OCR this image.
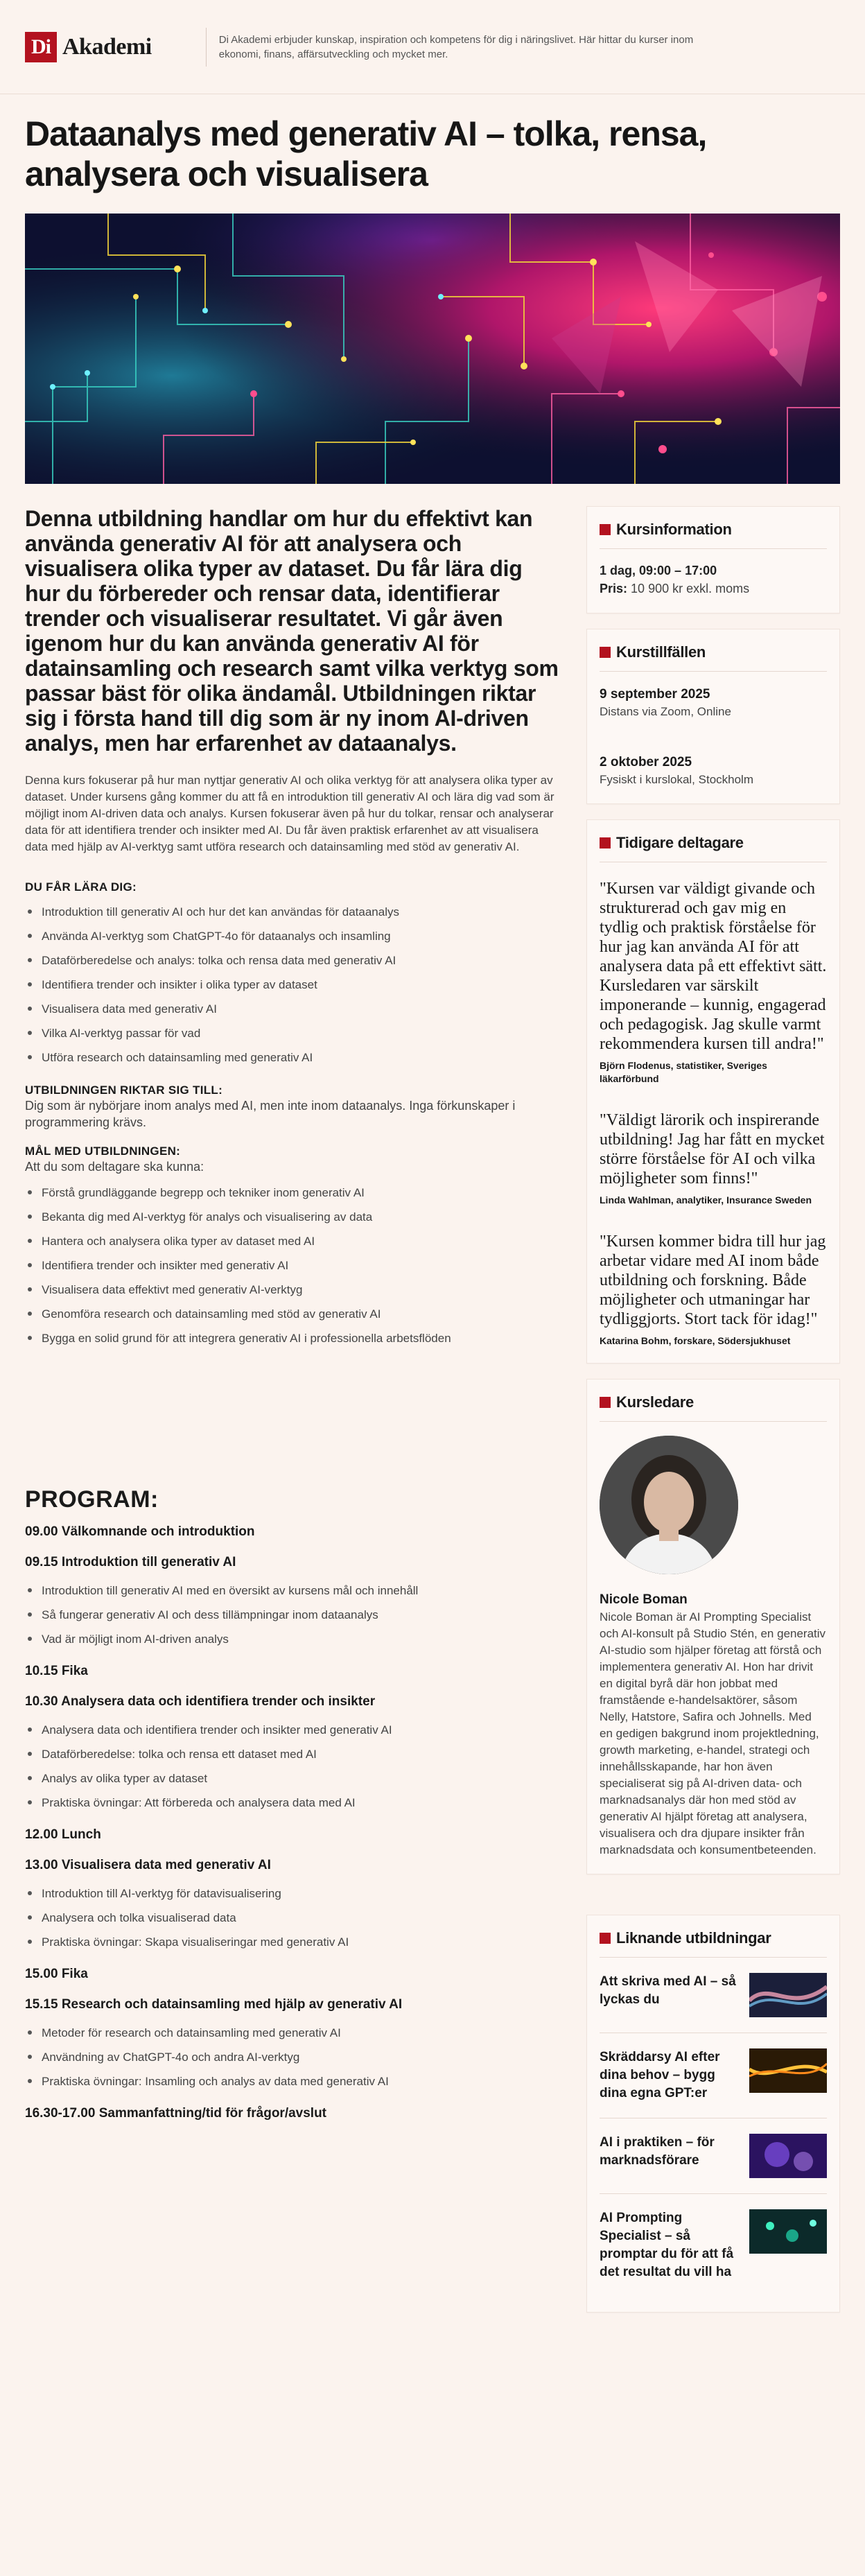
Di Akademi	Di Akademi erbjuder kunskap, inspiration och kompetens för dig i näringslivet. Här hittar du kurser inom ekonomi, finans, affärsutveckling och mycket mer.

Dataanalys med generativ AI – tolka, rensa, analysera och visualisera

Denna utbildning handlar om hur du effektivt kan använda generativ AI för att analysera och visualisera olika typer av dataset. Du får lära dig hur du förbereder och rensar data, identifierar trender och visualiserar resultatet. Vi går även igenom hur du kan använda generativ AI för datainsamling och research samt vilka verktyg som passar bäst för olika ändamål. Utbildningen riktar sig i första hand till dig som är ny inom AI-driven analys, men har erfarenhet av dataanalys.

Denna kurs fokuserar på hur man nyttjar generativ AI och olika verktyg för att analysera olika typer av dataset. Under kursens gång kommer du att få en introduktion till generativ AI och lära dig vad som är möjligt inom AI-driven data och analys. Kursen fokuserar även på hur du tolkar, rensar och analyserar data för att identifiera trender och insikter med AI. Du får även praktisk erfarenhet av att visualisera data med hjälp av AI-verktyg samt utföra research och datainsamling med stöd av generativ AI.

DU FÅR LÄRA DIG:
Introduktion till generativ AI och hur det kan användas för dataanalys
Använda AI-verktyg som ChatGPT-4o för dataanalys och insamling
Dataförberedelse och analys: tolka och rensa data med generativ AI
Identifiera trender och insikter i olika typer av dataset
Visualisera data med generativ AI
Vilka AI-verktyg passar för vad
Utföra research och datainsamling med generativ AI
UTBILDNINGEN RIKTAR SIG TILL:

Dig som är nybörjare inom analys med AI, men inte inom dataanalys. Inga förkunskaper i programmering krävs.

MÅL MED UTBILDNINGEN:

Att du som deltagare ska kunna:

Förstå grundläggande begrepp och tekniker inom generativ AI
Bekanta dig med AI-verktyg för analys och visualisering av data
Hantera och analysera olika typer av dataset med AI
Identifiera trender och insikter med generativ AI
Visualisera data effektivt med generativ AI-verktyg
Genomföra research och datainsamling med stöd av generativ AI
Bygga en solid grund för att integrera generativ AI i professionella arbetsflöden
PROGRAM:
09.00 Välkomnande och introduktion
09.15 Introduktion till generativ AI
Introduktion till generativ AI med en översikt av kursens mål och innehåll
Så fungerar generativ AI och dess tillämpningar inom dataanalys
Vad är möjligt inom AI-driven analys
10.15 Fika
10.30 Analysera data och identifiera trender och insikter
Analysera data och identifiera trender och insikter med generativ AI
Dataförberedelse: tolka och rensa ett dataset med AI
Analys av olika typer av dataset
Praktiska övningar: Att förbereda och analysera data med AI
12.00 Lunch
13.00 Visualisera data med generativ AI
Introduktion till AI-verktyg för datavisualisering
Analysera och tolka visualiserad data
Praktiska övningar: Skapa visualiseringar med generativ AI
15.00 Fika
15.15 Research och datainsamling med hjälp av generativ AI
Metoder för research och datainsamling med generativ AI
Användning av ChatGPT-4o och andra AI-verktyg
Praktiska övningar: Insamling och analys av data med generativ AI
16.30-17.00 Sammanfattning/tid för frågor/avslut
Kursinformation

1 dag, 09:00 – 17:00

Pris: 10 900 kr exkl. moms

Kurstillfällen
9 september 2025
Distans via Zoom, Online
2 oktober 2025
Fysiskt i kurslokal, Stockholm
Tidigare deltagare

"Kursen var väldigt givande och strukturerad och gav mig en tydlig och praktisk förståelse för hur jag kan använda AI för att analysera data på ett effektivt sätt. Kursledaren var särskilt imponerande – kunnig, engagerad och pedagogisk. Jag skulle varmt rekommendera kursen till andra!"

Björn Flodenus, statistiker, Sveriges läkarförbund

"Väldigt lärorik och inspirerande utbildning! Jag har fått en mycket större förståelse för AI och vilka möjligheter som finns!"

Linda Wahlman, analytiker, Insurance Sweden

"Kursen kommer bidra till hur jag arbetar vidare med AI inom både utbildning och forskning. Både möjligheter och utmaningar har tydliggjorts. Stort tack för idag!"

Katarina Bohm, forskare, Södersjukhuset

Kursledare

Nicole Boman

Nicole Boman är AI Prompting Specialist och AI-konsult på Studio Stén, en generativ AI-studio som hjälper företag att förstå och implementera generativ AI. Hon har drivit en digital byrå där hon jobbat med framstående e-handelsaktörer, såsom Nelly, Hatstore, Safira och Johnells. Med en gedigen bakgrund inom projektledning, growth marketing, e-handel, strategi och innehållsskapande, har hon även specialiserat sig på AI-driven data- och marknadsanalys där hon med stöd av generativ AI hjälpt företag att analysera, visualisera och dra djupare insikter från marknadsdata och konsumentbeteenden.

Liknande utbildningar
Att skriva med AI – så lyckas du
Skräddarsy AI efter dina behov – bygg dina egna GPT:er
AI i praktiken – för marknadsförare
AI Prompting Specialist – så promptar du för att få det resultat du vill ha
